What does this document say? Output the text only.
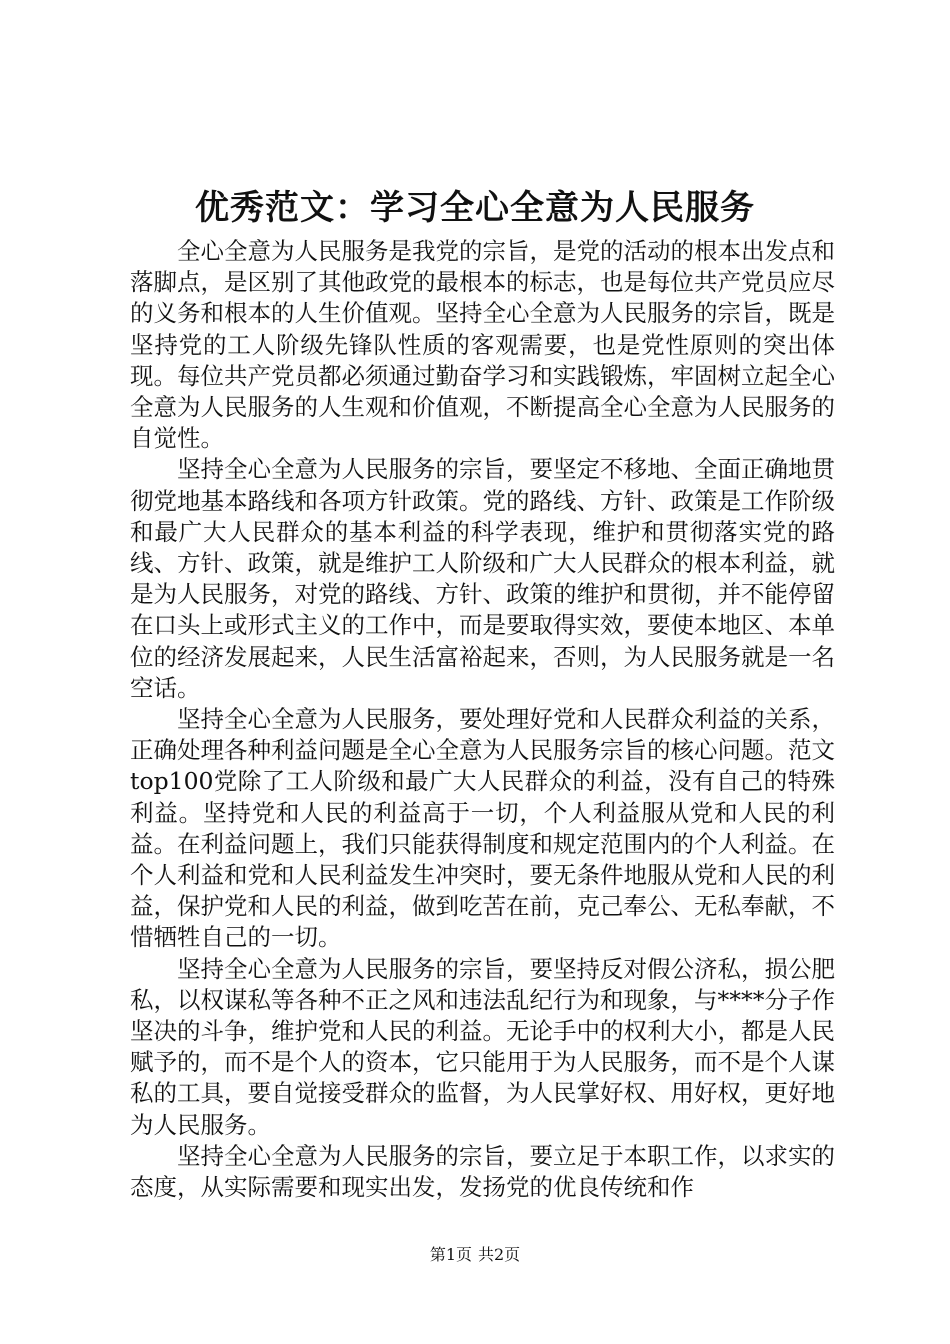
优秀范文：学习全心全意为人民服务

全心全意为人民服务是我党的宗旨，是党的活动的根本出发点和落脚点，是区别了其他政党的最根本的标志，也是每位共产党员应尽的义务和根本的人生价值观。坚持全心全意为人民服务的宗旨，既是坚持党的工人阶级先锋队性质的客观需要，也是党性原则的突出体现。每位共产党员都必须通过勤奋学习和实践锻炼，牢固树立起全心全意为人民服务的人生观和价值观，不断提高全心全意为人民服务的自觉性。

坚持全心全意为人民服务的宗旨，要坚定不移地、全面正确地贯彻党地基本路线和各项方针政策。党的路线、方针、政策是工作阶级和最广大人民群众的基本利益的科学表现，维护和贯彻落实党的路线、方针、政策，就是维护工人阶级和广大人民群众的根本利益，就是为人民服务，对党的路线、方针、政策的维护和贯彻，并不能停留在口头上或形式主义的工作中，而是要取得实效，要使本地区、本单位的经济发展起来，人民生活富裕起来，否则，为人民服务就是一名空话。

坚持全心全意为人民服务，要处理好党和人民群众利益的关系，正确处理各种利益问题是全心全意为人民服务宗旨的核心问题。范文top100党除了工人阶级和最广大人民群众的利益，没有自己的特殊利益。坚持党和人民的利益高于一切，个人利益服从党和人民的利益。在利益问题上，我们只能获得制度和规定范围内的个人利益。在个人利益和党和人民利益发生冲突时，要无条件地服从党和人民的利益，保护党和人民的利益，做到吃苦在前，克己奉公、无私奉献，不惜牺牲自己的一切。

坚持全心全意为人民服务的宗旨，要坚持反对假公济私，损公肥私，以权谋私等各种不正之风和违法乱纪行为和现象，与****分子作坚决的斗争，维护党和人民的利益。无论手中的权利大小，都是人民赋予的，而不是个人的资本，它只能用于为人民服务，而不是个人谋私的工具，要自觉接受群众的监督，为人民掌好权、用好权，更好地为人民服务。

坚持全心全意为人民服务的宗旨，要立足于本职工作，以求实的态度，从实际需要和现实出发，发扬党的优良传统和作

第1页 共2页
